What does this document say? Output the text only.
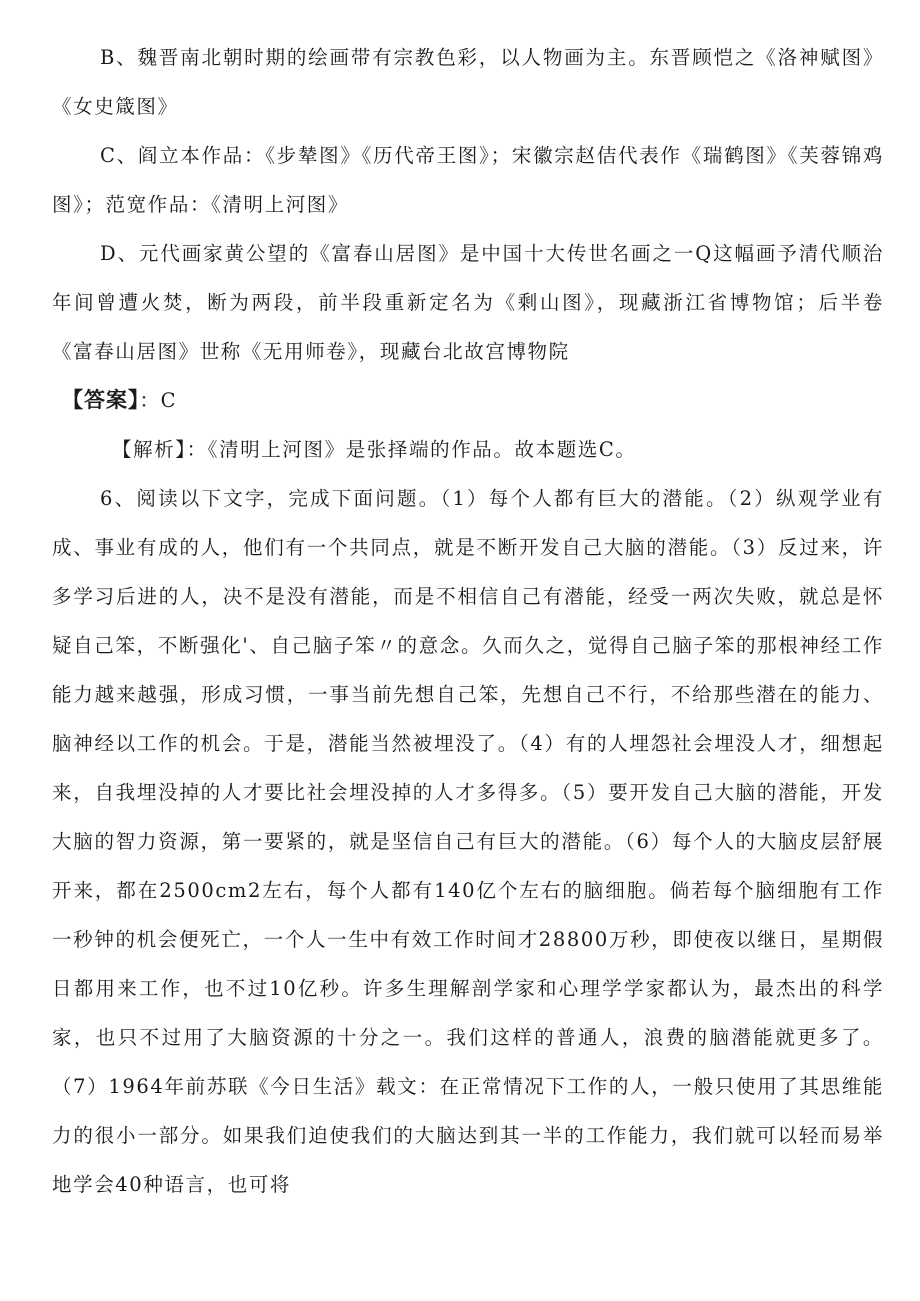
B、魏晋南北朝时期的绘画带有宗教色彩，以人物画为主。东晋顾恺之《洛神赋图》《女史箴图》

C、阎立本作品：《步辇图》《历代帝王图》；宋徽宗赵佶代表作《瑞鹤图》《芙蓉锦鸡图》；范宽作品：《清明上河图》

D、元代画家黄公望的《富春山居图》是中国十大传世名画之一Q这幅画予清代顺治年间曾遭火焚，断为两段，前半段重新定名为《剩山图》，现藏浙江省博物馆；后半卷《富春山居图》世称《无用师卷》，现藏台北故宫博物院

【答案】：C

【解析】：《清明上河图》是张择端的作品。故本题选C。

6、阅读以下文字，完成下面问题。（1）每个人都有巨大的潜能。（2）纵观学业有成、事业有成的人，他们有一个共同点，就是不断开发自己大脑的潜能。（3）反过来，许多学习后进的人，决不是没有潜能，而是不相信自己有潜能，经受一两次失败，就总是怀疑自己笨，不断强化'、自己脑子笨〃的意念。久而久之，觉得自己脑子笨的那根神经工作能力越来越强，形成习惯，一事当前先想自己笨，先想自己不行，不给那些潜在的能力、脑神经以工作的机会。于是，潜能当然被埋没了。（4）有的人埋怨社会埋没人才，细想起来，自我埋没掉的人才要比社会埋没掉的人才多得多。（5）要开发自己大脑的潜能，开发大脑的智力资源，第一要紧的，就是坚信自己有巨大的潜能。（6）每个人的大脑皮层舒展开来，都在2500cm2左右，每个人都有140亿个左右的脑细胞。倘若每个脑细胞有工作一秒钟的机会便死亡，一个人一生中有效工作时间才28800万秒，即使夜以继日，星期假日都用来工作，也不过10亿秒。许多生理解剖学家和心理学学家都认为，最杰出的科学家，也只不过用了大脑资源的十分之一。我们这样的普通人，浪费的脑潜能就更多了。（7）1964年前苏联《今日生活》载文：在正常情况下工作的人，一般只使用了其思维能力的很小一部分。如果我们迫使我们的大脑达到其一半的工作能力，我们就可以轻而易举地学会40种语言，也可将
